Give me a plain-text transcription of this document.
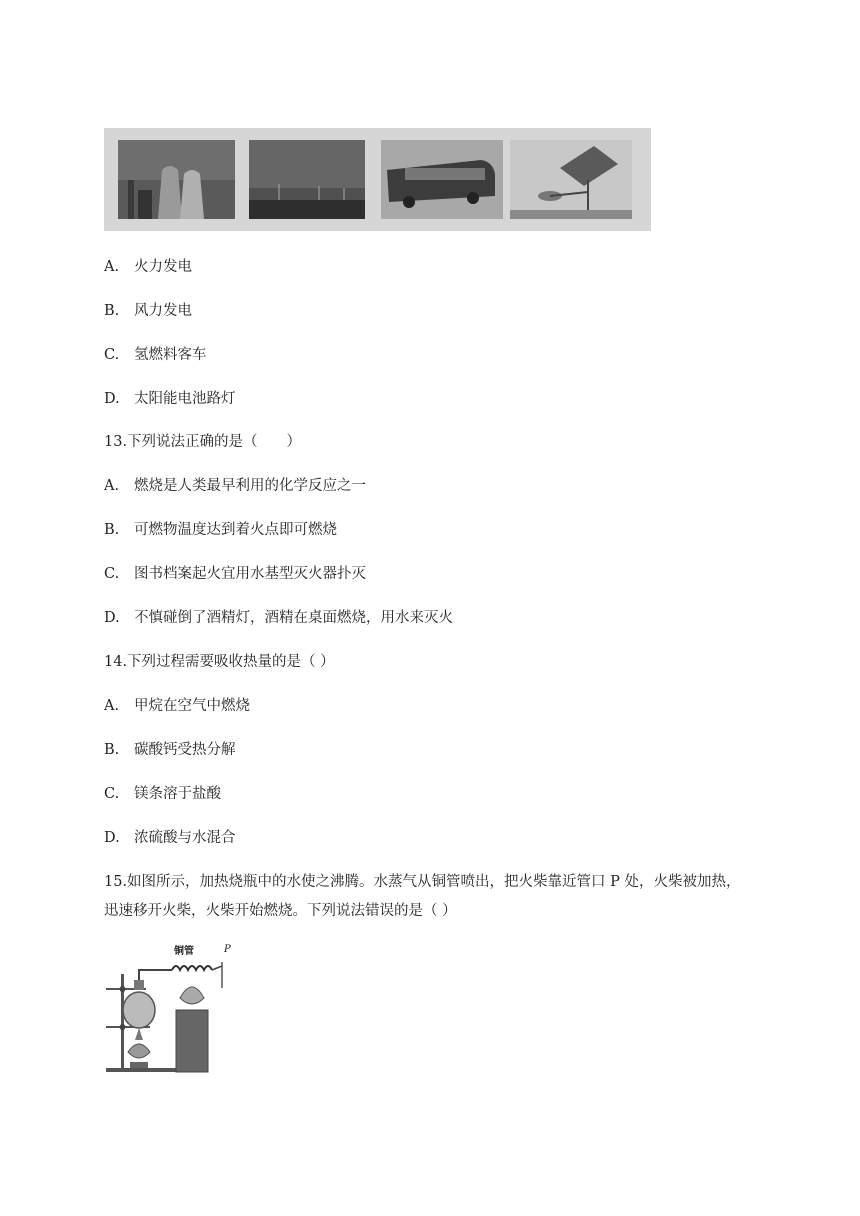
A. 火力发电
B. 风力发电
C. 氢燃料客车
D. 太阳能电池路灯
13.下列说法正确的是（　　）
A. 燃烧是人类最早利用的化学反应之一
B. 可燃物温度达到着火点即可燃烧
C. 图书档案起火宜用水基型灭火器扑灭
D. 不慎碰倒了酒精灯，酒精在桌面燃烧，用水来灭火
14.下列过程需要吸收热量的是（ ）
A. 甲烷在空气中燃烧
B. 碳酸钙受热分解
C. 镁条溶于盐酸
D. 浓硫酸与水混合
15.如图所示，加热烧瓶中的水使之沸腾。水蒸气从铜管喷出，把火柴靠近管口 P 处，火柴被加热，
迅速移开火柴，火柴开始燃烧。下列说法错误的是（ ）
铜管	P
